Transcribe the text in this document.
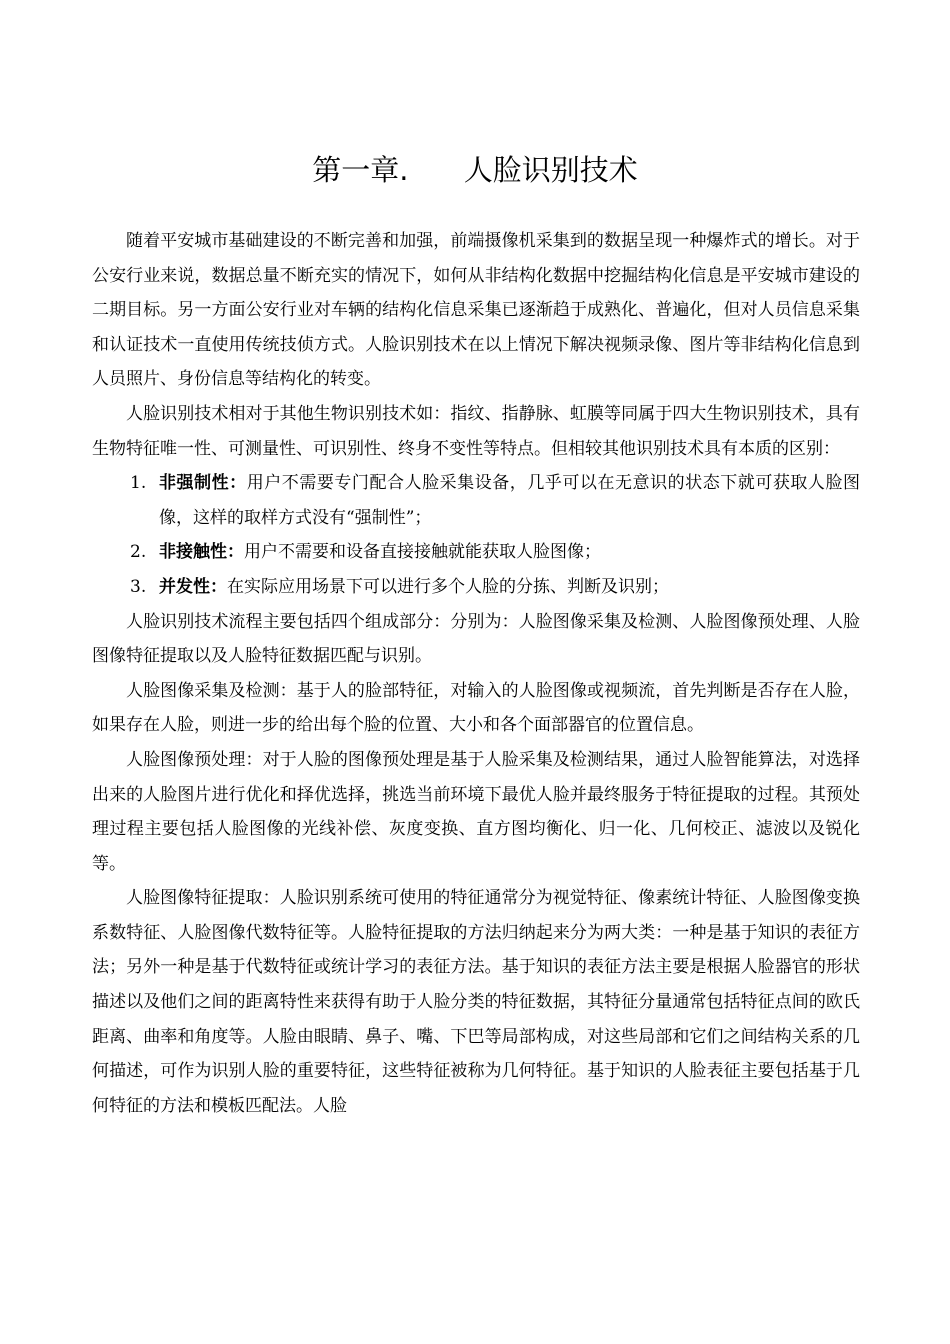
第一章.      人脸识别技术

随着平安城市基础建设的不断完善和加强，前端摄像机采集到的数据呈现一种爆炸式的增长。对于公安行业来说，数据总量不断充实的情况下，如何从非结构化数据中挖掘结构化信息是平安城市建设的二期目标。另一方面公安行业对车辆的结构化信息采集已逐渐趋于成熟化、普遍化，但对人员信息采集和认证技术一直使用传统技侦方式。人脸识别技术在以上情况下解决视频录像、图片等非结构化信息到人员照片、身份信息等结构化的转变。

人脸识别技术相对于其他生物识别技术如：指纹、指静脉、虹膜等同属于四大生物识别技术，具有生物特征唯一性、可测量性、可识别性、终身不变性等特点。但相较其他识别技术具有本质的区别：

1. 非强制性：用户不需要专门配合人脸采集设备，几乎可以在无意识的状态下就可获取人脸图像，这样的取样方式没有“强制性”；

2. 非接触性：用户不需要和设备直接接触就能获取人脸图像；

3. 并发性：在实际应用场景下可以进行多个人脸的分拣、判断及识别；

人脸识别技术流程主要包括四个组成部分：分别为：人脸图像采集及检测、人脸图像预处理、人脸图像特征提取以及人脸特征数据匹配与识别。

人脸图像采集及检测：基于人的脸部特征，对输入的人脸图像或视频流，首先判断是否存在人脸，如果存在人脸，则进一步的给出每个脸的位置、大小和各个面部器官的位置信息。

人脸图像预处理：对于人脸的图像预处理是基于人脸采集及检测结果，通过人脸智能算法，对选择出来的人脸图片进行优化和择优选择，挑选当前环境下最优人脸并最终服务于特征提取的过程。其预处理过程主要包括人脸图像的光线补偿、灰度变换、直方图均衡化、归一化、几何校正、滤波以及锐化等。

人脸图像特征提取：人脸识别系统可使用的特征通常分为视觉特征、像素统计特征、人脸图像变换系数特征、人脸图像代数特征等。人脸特征提取的方法归纳起来分为两大类：一种是基于知识的表征方法；另外一种是基于代数特征或统计学习的表征方法。基于知识的表征方法主要是根据人脸器官的形状描述以及他们之间的距离特性来获得有助于人脸分类的特征数据，其特征分量通常包括特征点间的欧氏距离、曲率和角度等。人脸由眼睛、鼻子、嘴、下巴等局部构成，对这些局部和它们之间结构关系的几何描述，可作为识别人脸的重要特征，这些特征被称为几何特征。基于知识的人脸表征主要包括基于几何特征的方法和模板匹配法。人脸
